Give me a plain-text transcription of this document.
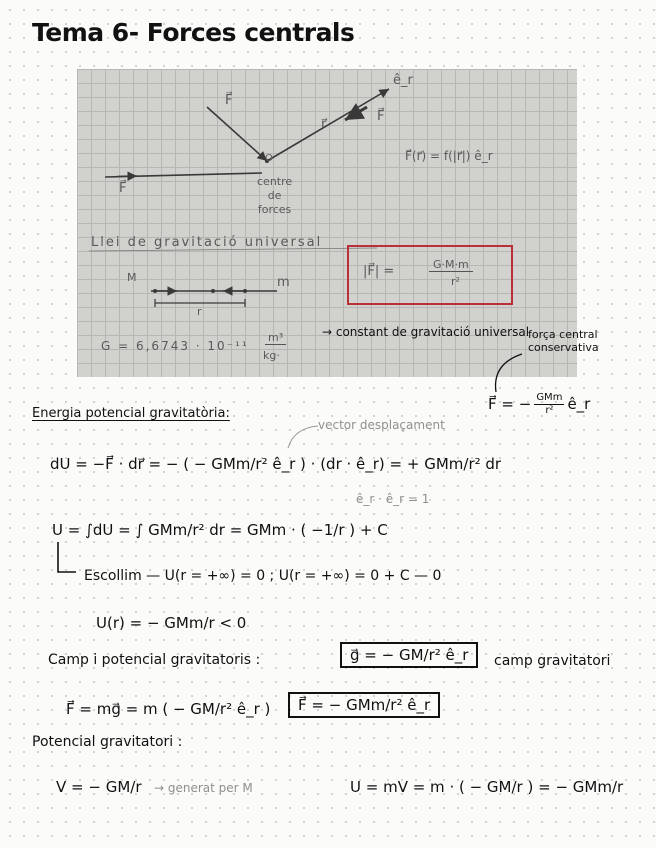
Tema 6- Forces centrals
ê_r
F⃗
r⃗
F⃗
F⃗
O
centre
de
forces
F⃗(r⃗) = f(|r⃗|) ê_r
Llei de gravitació universal
M	m
r
|F⃗| =	G·M·m
r²
G = 6,6743 · 10⁻¹¹
m³
kg·
→ constant de gravitació universal
força central conservativa
F⃗ = − $\frac{\text{GMm}}{\text{r²}}$ ê_r
Energia potencial gravitatòria:
vector desplaçament
dU = −F⃗ · dr⃗ = − ( − GMm/r² ê_r ) · (dr · ê_r) = + GMm/r² dr
ê_r · ê_r = 1
U = ∫dU = ∫ GMm/r² dr = GMm · ( −1/r ) + C
Escollim — U(r = +∞) = 0 ; U(r = +∞) = 0 + C — 0
U(r) = − GMm/r < 0
Camp i potencial gravitatoris :	g⃗ = − GM/r² ê_r	camp gravitatori
F⃗ = mg⃗ = m ( − GM/r² ê_r )	F⃗ = − GMm/r² ê_r
Potencial gravitatori :
V = − GM/r → generat per M	U = mV = m · ( − GM/r ) = − GMm/r
